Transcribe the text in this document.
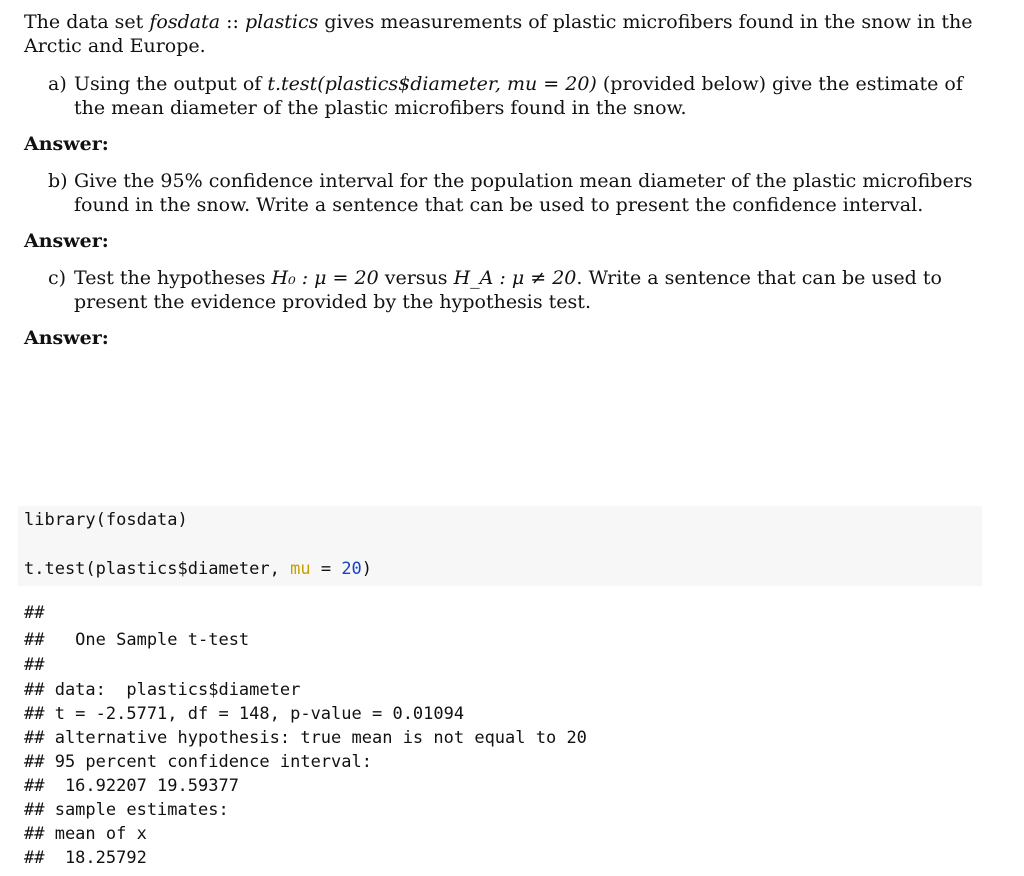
The data set fosdata :: plastics gives measurements of plastic microfibers found in the snow in the Arctic and Europe.

a) Using the output of t.test(plastics$diameter, mu = 20) (provided below) give the estimate of the mean diameter of the plastic microfibers found in the snow.

Answer:

b) Give the 95% confidence interval for the population mean diameter of the plastic microfibers found in the snow. Write a sentence that can be used to present the confidence interval.

Answer:

c) Test the hypotheses H₀ : μ = 20 versus H_A : μ ≠ 20. Write a sentence that can be used to present the evidence provided by the hypothesis test.

Answer:

library(fosdata)
t.test(plastics$diameter, mu = 20)
##
##   One Sample t-test
##
## data:  plastics$diameter
## t = -2.5771, df = 148, p-value = 0.01094
## alternative hypothesis: true mean is not equal to 20
## 95 percent confidence interval:
##  16.92207 19.59377
## sample estimates:
## mean of x
##  18.25792
